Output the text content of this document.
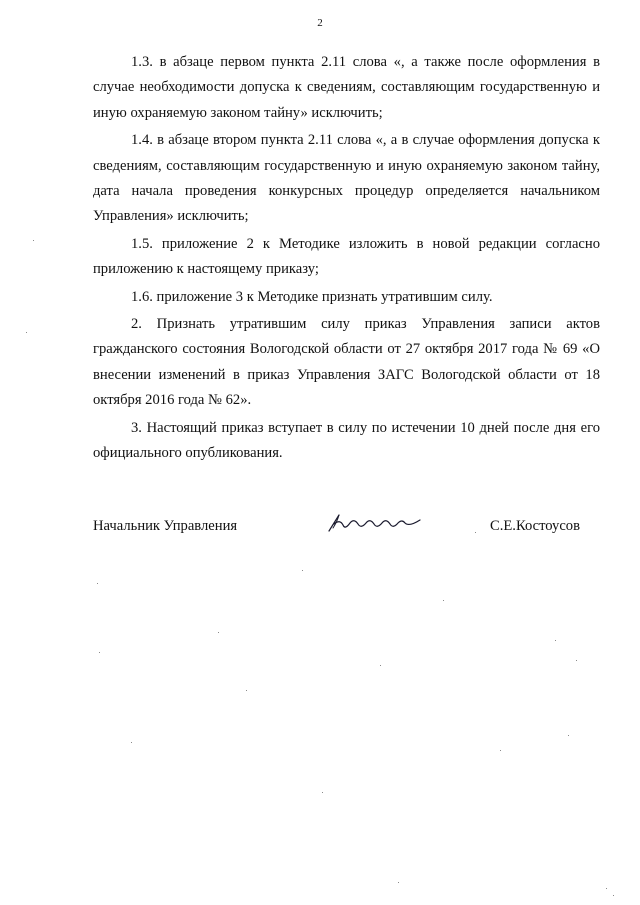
2

1.3. в абзаце первом пункта 2.11 слова «, а также после оформления в случае необходимости допуска к сведениям, составляющим государственную и иную охраняемую законом тайну» исключить;

1.4. в абзаце втором пункта 2.11 слова «, а в случае оформления допуска к сведениям, составляющим государственную и иную охраняемую законом тайну, дата начала проведения конкурсных процедур определяется начальником Управления» исключить;

1.5. приложение 2 к Методике изложить в новой редакции согласно приложению к настоящему приказу;

1.6. приложение 3 к Методике признать утратившим силу.

2. Признать утратившим силу приказ Управления записи актов гражданского состояния Вологодской области от 27 октября 2017 года № 69 «О внесении изменений в приказ Управления ЗАГС Вологодской области от 18 октября 2016 года № 62».

3. Настоящий приказ вступает в силу по истечении 10 дней после дня его официального опубликования.

Начальник Управления	С.Е.Костоусов
